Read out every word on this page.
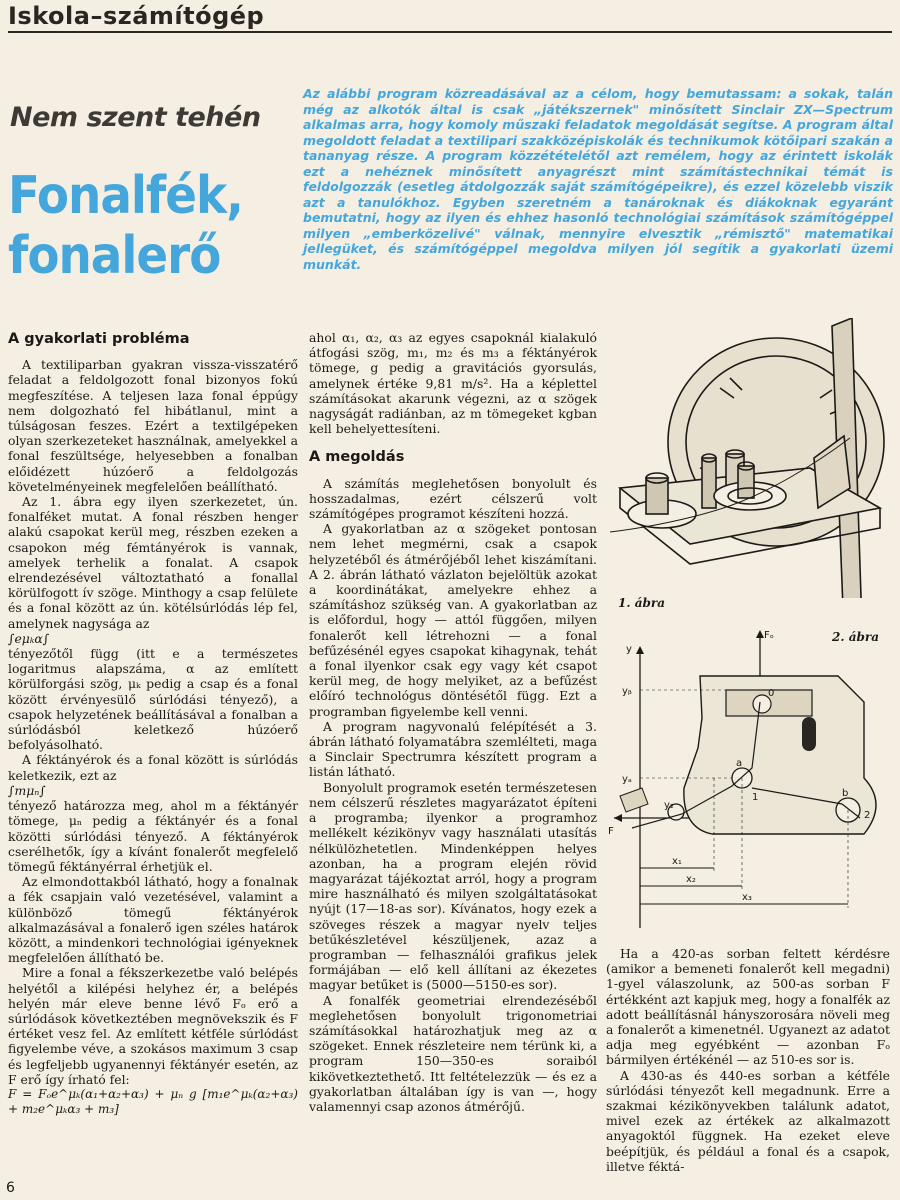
Iskola–számítógép
Nem szent tehén
Fonalfék,
fonalerő
Az alábbi program közreadásával az a célom, hogy bemutassam: a sokak, talán még az alkotók által is csak „játékszernek" minősített Sinclair ZX—Spectrum alkalmas arra, hogy komoly műszaki feladatok megoldását segítse. A program által megoldott feladat a textilipari szakközépiskolák és technikumok kötőipari szakán a tananyag része. A program közzétételétől azt remélem, hogy az érintett iskolák ezt a nehéznek minősített anyagrészt mint számítástechnikai témát is feldolgozzák (esetleg átdolgozzák saját számítógépeikre), és ezzel közelebb viszik azt a tanulókhoz. Egyben szeretném a tanároknak és diákoknak egyaránt bemutatni, hogy az ilyen és ehhez hasonló technológiai számítások számítógéppel milyen „emberközelivé" válnak, mennyire elvesztik „rémisztő" matematikai jellegüket, és számítógéppel megoldva milyen jól segítik a gyakorlati üzemi munkát.
A gyakorlati probléma

A textiliparban gyakran vissza-visszatérő feladat a feldolgozott fonal bizonyos fokú megfeszítése. A teljesen laza fonal éppúgy nem dolgozható fel hibátlanul, mint a túlságosan feszes. Ezért a textilgépeken olyan szerkezeteket használnak, amelyekkel a fonal feszültsége, helyesebben a fonalban előidézett húzóerő a feldolgozás követelményeinek megfelelően beállítható.

Az 1. ábra egy ilyen szerkezetet, ún. fonalféket mutat. A fonal részben henger alakú csapokat kerül meg, részben ezeken a csapokon még fémtányérok is vannak, amelyek terhelik a fonalat. A csapok elrendezésével változtatható a fonallal körülfogott ív szöge. Minthogy a csap felülete és a fonal között az ún. kötélsúrlódás lép fel, amelynek nagysága az

∫eμₖα∫

tényezőtől függ (itt e a természetes logaritmus alapszáma, α az említett körülforgási szög, μₖ pedig a csap és a fonal között érvényesülő súrlódási tényező), a csapok helyzetének beállításával a fonalban a súrlódásból keletkező húzóerő befolyásolható.

A féktányérok és a fonal között is súrlódás keletkezik, ezt az

∫mμₙ∫

tényező határozza meg, ahol m a féktányér tömege, μₙ pedig a féktányér és a fonal közötti súrlódási tényező. A féktányérok cserélhetők, így a kívánt fonalerőt megfelelő tömegű féktányérral érhetjük el.

Az elmondottakból látható, hogy a fonalnak a fék csapjain való vezetésével, valamint a különböző tömegű féktányérok alkalmazásával a fonalerő igen széles határok között, a mindenkori technológiai igényeknek megfelelően állítható be.

Mire a fonal a fékszerkezetbe való belépés helyétől a kilépési helyhez ér, a belépés helyén már eleve benne lévő Fₒ erő a súrlódások következtében megnövekszik és F értéket vesz fel. Az említett kétféle súrlódást figyelembe véve, a szokásos maximum 3 csap és legfeljebb ugyanennyi féktányér esetén, az F erő így írható fel:

F = Fₒe^μₖ(α₁+α₂+α₃) + μₙ g [m₁e^μₖ(α₂+α₃) + m₂e^μₖα₃ + m₃]

ahol α₁, α₂, α₃ az egyes csapoknál kialakuló átfogási szög, m₁, m₂ és m₃ a féktányérok tömege, g pedig a gravitációs gyorsulás, amelynek értéke 9,81 m/s². Ha a képlettel számításokat akarunk végezni, az α szögek nagyságát radiánban, az m tömegeket kgban kell behelyettesíteni.

A megoldás

A számítás meglehetősen bonyolult és hosszadalmas, ezért célszerű volt számítógépes programot készíteni hozzá.

A gyakorlatban az α szögeket pontosan nem lehet megmérni, csak a csapok helyzetéből és átmérőjéből lehet kiszámítani. A 2. ábrán látható vázlaton bejelöltük azokat a koordinátákat, amelyekre ehhez a számításhoz szükség van. A gyakorlatban az is előfordul, hogy — attól függően, milyen fonalerőt kell létrehozni — a fonal befűzésénél egyes csapokat kihagynak, tehát a fonal ilyenkor csak egy vagy két csapot kerül meg, de hogy melyiket, az a befűzést előíró technológus döntésétől függ. Ezt a programban figyelembe kell venni.

A program nagyvonalú felépítését a 3. ábrán látható folyamatábra szemlélteti, maga a Sinclair Spectrumra készített program a listán látható.

Bonyolult programok esetén természetesen nem célszerű részletes magyarázatot építeni a programba; ilyenkor a programhoz mellékelt kézikönyv vagy használati utasítás nélkülözhetetlen. Mindenképpen helyes azonban, ha a program elején rövid magyarázat tájékoztat arról, hogy a program mire használható és milyen szolgáltatásokat nyújt (17—18-as sor). Kívánatos, hogy ezek a szöveges részek a magyar nyelv teljes betűkészletével készüljenek, azaz a programban — felhasználói grafikus jelek formájában — elő kell állítani az ékezetes magyar betűket is (5000—5150-es sor).

A fonalfék geometriai elrendezéséből meglehetősen bonyolult trigonometriai számításokkal határozhatjuk meg az α szögeket. Ennek részleteire nem térünk ki, a program 150—350-es soraiból kikövetkeztethető. Itt feltételezzük — és ez a gyakorlatban általában így is van —, hogy valamennyi csap azonos átmérőjű.

Ha a 420-as sorban feltett kérdésre (amikor a bemeneti fonalerőt kell megadni) 1-gyel válaszolunk, az 500-as sorban F értékként azt kapjuk meg, hogy a fonalfék az adott beállításnál hányszorosára növeli meg a fonalerőt a kimenetnél. Ugyanezt az adatot adja meg egyébként — azonban Fₒ bármilyen értékénél — az 510-es sor is.

A 430-as és 440-es sorban a kétféle súrlódási tényezőt kell megadnunk. Erre a szakmai kézikönyvekben találunk adatot, mivel ezek az értékek az alkalmazott anyagoktól függnek. Ha ezeket eleve beépítjük, és például a fonal és a csapok, illetve féktá-

1. ábra
Fₒ
y
yᵦ
yₐ
y₂
0
a
b
1
2
F
x₁
x₂
x₃
2. ábra
6
